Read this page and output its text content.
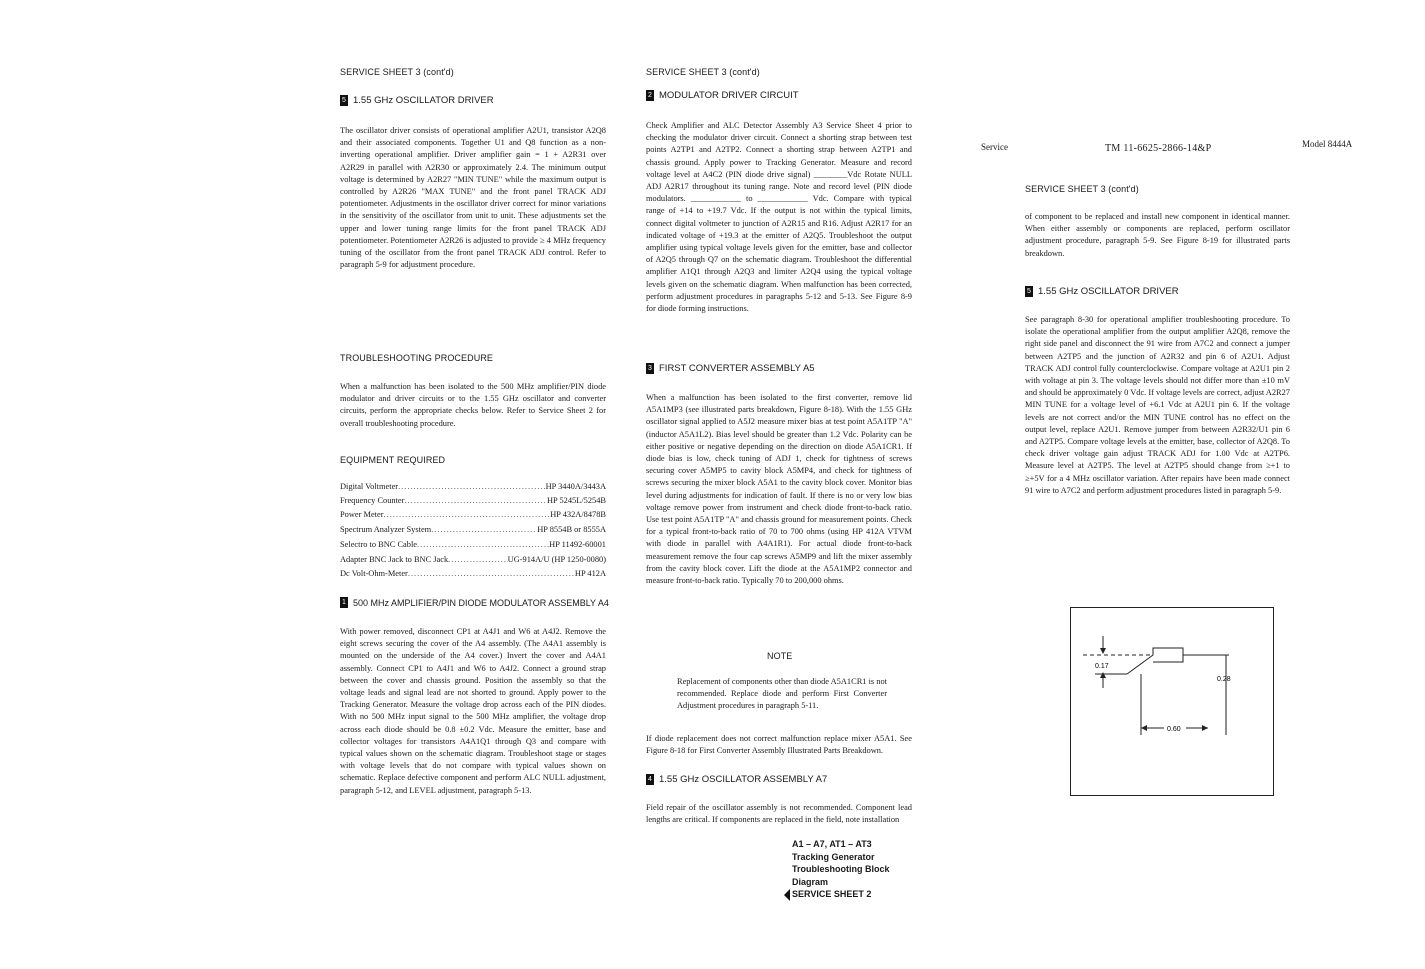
SERVICE SHEET 3 (cont'd)
5 1.55 GHz OSCILLATOR DRIVER

The oscillator driver consists of operational amplifier A2U1, transistor A2Q8 and their associated components. Together U1 and Q8 function as a non-inverting operational amplifier. Driver amplifier gain = 1 + A2R31 over A2R29 in parallel with A2R30 or approximately 2.4. The minimum output voltage is determined by A2R27 "MIN TUNE" while the maximum output is controlled by A2R26 "MAX TUNE" and the front panel TRACK ADJ potentiometer. Adjustments in the oscillator driver correct for minor variations in the sensitivity of the oscillator from unit to unit. These adjustments set the upper and lower tuning range limits for the front panel TRACK ADJ potentiometer. Potentiometer A2R26 is adjusted to provide ≥ 4 MHz frequency tuning of the oscillator from the front panel TRACK ADJ control. Refer to paragraph 5-9 for adjustment procedure.

TROUBLESHOOTING PROCEDURE

When a malfunction has been isolated to the 500 MHz amplifier/PIN diode modulator and driver circuits or to the 1.55 GHz oscillator and converter circuits, perform the appropriate checks below. Refer to Service Sheet 2 for overall troubleshooting procedure.

EQUIPMENT REQUIRED
Digital Voltmeter .....	HP 3440A/3443A
Frequency Counter .....	HP 5245L/5254B
Power Meter .....	HP 432A/8478B
Spectrum Analyzer System .....	HP 8554B or 8555A
Selectro to BNC Cable .....	HP 11492-60001
Adapter BNC Jack to BNC Jack .....	UG-914A/U (HP 1250-0080)
Dc Volt-Ohm-Meter .....	HP 412A
1 500 MHz AMPLIFIER/PIN DIODE MODULATOR ASSEMBLY A4

With power removed, disconnect CP1 at A4J1 and W6 at A4J2. Remove the eight screws securing the cover of the A4 assembly. (The A4A1 assembly is mounted on the underside of the A4 cover.) Invert the cover and A4A1 assembly. Connect CP1 to A4J1 and W6 to A4J2. Connect a ground strap between the cover and chassis ground. Position the assembly so that the voltage leads and signal lead are not shorted to ground. Apply power to the Tracking Generator. Measure the voltage drop across each of the PIN diodes. With no 500 MHz input signal to the 500 MHz amplifier, the voltage drop across each diode should be 0.8 ±0.2 Vdc. Measure the emitter, base and collector voltages for transistors A4A1Q1 through Q3 and compare with typical values shown on the schematic diagram. Troubleshoot stage or stages with voltage levels that do not compare with typical values shown on schematic. Replace defective component and perform ALC NULL adjustment, paragraph 5-12, and LEVEL adjustment, paragraph 5-13.

SERVICE SHEET 3 (cont'd)
2 MODULATOR DRIVER CIRCUIT

Check Amplifier and ALC Detector Assembly A3 Service Sheet 4 prior to checking the modulator driver circuit. Connect a shorting strap between test points A2TP1 and A2TP2. Connect a shorting strap between A2TP1 and chassis ground. Apply power to Tracking Generator. Measure and record voltage level at A4C2 (PIN diode drive signal) ________Vdc Rotate NULL ADJ A2R17 throughout its tuning range. Note and record level (PIN diode modulators. ____________ to ____________ Vdc. Compare with typical range of +14 to +19.7 Vdc. If the output is not within the typical limits, connect digital voltmeter to junction of A2R15 and R16. Adjust A2R17 for an indicated voltage of +19.3 at the emitter of A2Q5. Troubleshoot the output amplifier using typical voltage levels given for the emitter, base and collector of A2Q5 through Q7 on the schematic diagram. Troubleshoot the differential amplifier A1Q1 through A2Q3 and limiter A2Q4 using the typical voltage levels given on the schematic diagram. When malfunction has been corrected, perform adjustment procedures in paragraphs 5-12 and 5-13. See Figure 8-9 for diode forming instructions.

3 FIRST CONVERTER ASSEMBLY A5

When a malfunction has been isolated to the first converter, remove lid A5A1MP3 (see illustrated parts breakdown, Figure 8-18). With the 1.55 GHz oscillator signal applied to A5J2 measure mixer bias at test point A5A1TP "A" (inductor A5A1L2). Bias level should be greater than 1.2 Vdc. Polarity can be either positive or negative depending on the direction on diode A5A1CR1. If diode bias is low, check tuning of ADJ 1, check for tightness of screws securing cover A5MP5 to cavity block A5MP4, and check for tightness of screws securing the mixer block A5A1 to the cavity block cover. Monitor bias level during adjustments for indication of fault. If there is no or very low bias voltage remove power from instrument and check diode front-to-back ratio. Use test point A5A1TP "A" and chassis ground for measurement points. Check for a typical front-to-back ratio of 70 to 700 ohms (using HP 412A VTVM with diode in parallel with A4A1R1). For actual diode front-to-back measurement remove the four cap screws A5MP9 and lift the mixer assembly from the cavity block cover. Lift the diode at the A5A1MP2 connector and measure front-to-back ratio. Typically 70 to 200,000 ohms.

NOTE

Replacement of components other than diode A5A1CR1 is not recommended. Replace diode and perform First Converter Adjustment procedures in paragraph 5-11.

If diode replacement does not correct malfunction replace mixer A5A1. See Figure 8-18 for First Converter Assembly Illustrated Parts Breakdown.

4 1.55 GHz OSCILLATOR ASSEMBLY A7

Field repair of the oscillator assembly is not recommended. Component lead lengths are critical. If components are replaced in the field, note installation

A1 – A7, AT1 – AT3
Tracking Generator
Troubleshooting Block Diagram
SERVICE SHEET 2
Service	TM 11-6625-2866-14&P	Model 8444A
SERVICE SHEET 3 (cont'd)

of component to be replaced and install new component in identical manner. When either assembly or components are replaced, perform oscillator adjustment procedure, paragraph 5-9. See Figure 8-19 for illustrated parts breakdown.

5 1.55 GHz OSCILLATOR DRIVER

See paragraph 8-30 for operational amplifier troubleshooting procedure. To isolate the operational amplifier from the output amplifier A2Q8, remove the right side panel and disconnect the 91 wire from A7C2 and connect a jumper between A2TP5 and the junction of A2R32 and pin 6 of A2U1. Adjust TRACK ADJ control fully counterclockwise. Compare voltage at A2U1 pin 2 with voltage at pin 3. The voltage levels should not differ more than ±10 mV and should be approximately 0 Vdc. If voltage levels are correct, adjust A2R27 MIN TUNE for a voltage level of +6.1 Vdc at A2U1 pin 6. If the voltage levels are not correct and/or the MIN TUNE control has no effect on the output level, replace A2U1. Remove jumper from between A2R32/U1 pin 6 and A2TP5. Compare voltage levels at the emitter, base, collector of A2Q8. To check driver voltage gain adjust TRACK ADJ for 1.00 Vdc at A2TP6. Measure level at A2TP5. The level at A2TP5 should change from ≥+1 to ≥+5V for a 4 MHz oscillator variation. After repairs have been made connect 91 wire to A7C2 and perform adjustment procedures listed in paragraph 5-9.

0.17
0.28
0.60
